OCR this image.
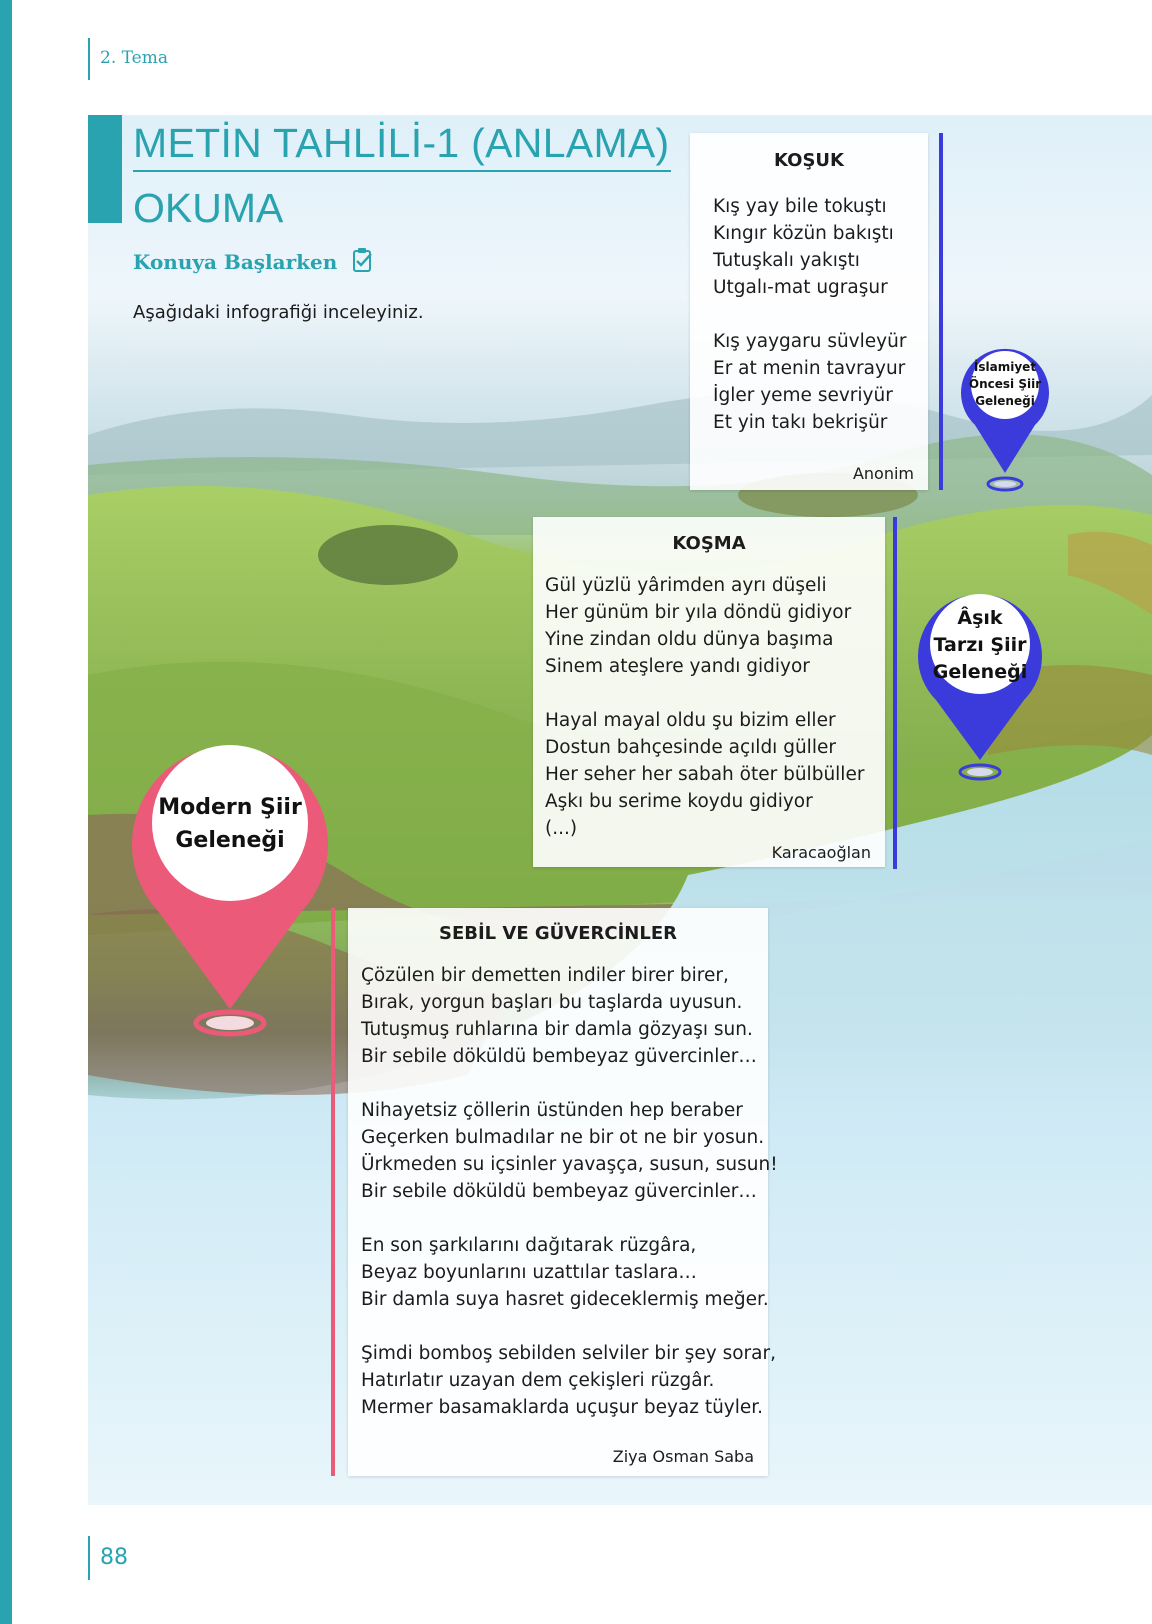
2. Tema
METİN TAHLİLİ-1 (ANLAMA)
OKUMA
Konuya Başlarken
Aşağıdaki infografiği inceleyiniz.
KOŞUK
Kış yay bile tokuştı
Kıngır közün bakıştı
Tutuşkalı yakıştı
Utgalı-mat ugraşur

Kış yaygaru süvleyür
Er at menin tavrayur
İgler yeme sevriyür
Et yin takı bekrişür
Anonim
KOŞMA
Gül yüzlü yârimden ayrı düşeli
Her günüm bir yıla döndü gidiyor
Yine zindan oldu dünya başıma
Sinem ateşlere yandı gidiyor

Hayal mayal oldu şu bizim eller
Dostun bahçesinde açıldı güller
Her seher her sabah öter bülbüller
Aşkı bu serime koydu gidiyor
(...)
Karacaoğlan
SEBİL VE GÜVERCİNLER
Çözülen bir demetten indiler birer birer,
Bırak, yorgun başları bu taşlarda uyusun.
Tutuşmuş ruhlarına bir damla gözyaşı sun.
Bir sebile döküldü bembeyaz güvercinler…

Nihayetsiz çöllerin üstünden hep beraber
Geçerken bulmadılar ne bir ot ne bir yosun.
Ürkmeden su içsinler yavaşça, susun, susun!
Bir sebile döküldü bembeyaz güvercinler…

En son şarkılarını dağıtarak rüzgâra,
Beyaz boyunlarını uzattılar taslara…
Bir damla suya hasret gideceklermiş meğer.

Şimdi bomboş sebilden selviler bir şey sorar,
Hatırlatır uzayan dem çekişleri rüzgâr.
Mermer basamaklarda uçuşur beyaz tüyler.
Ziya Osman Saba
İslamiyet
Öncesi Şiir
Geleneği
Âşık
Tarzı Şiir
Geleneği
Modern Şiir
Geleneği
88
